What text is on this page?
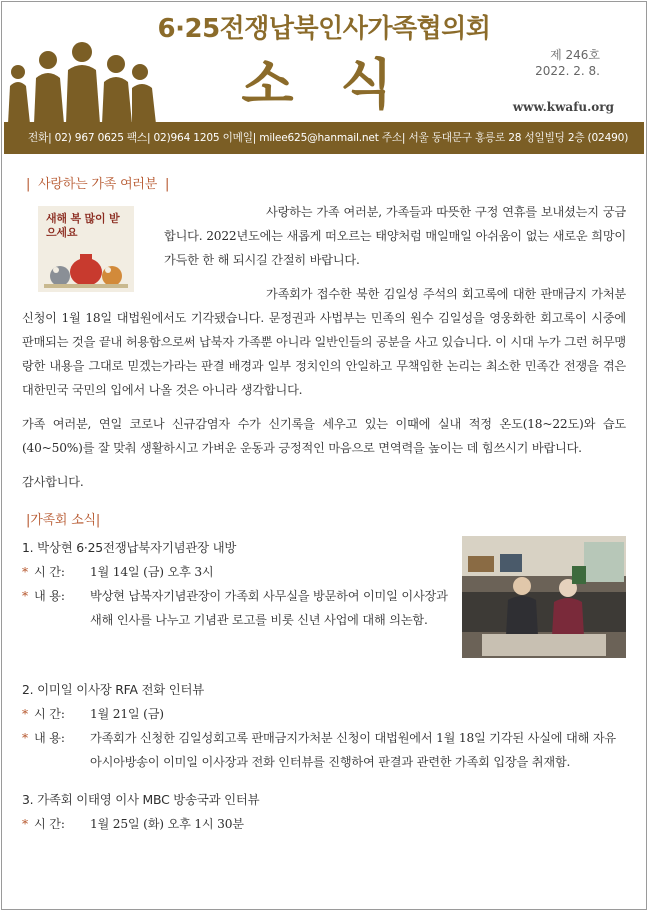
6·25전쟁납북인사가족협의회
소 식	제 246호
2022. 2. 8.
www.kwafu.org
전화| 02) 967 0625 팩스| 02)964 1205 이메일| milee625@hanmail.net 주소| 서울 동대문구 홍릉로 28 성일빌딩 2층 (02490)
| 사랑하는 가족 여러분 |
새해 복 많이 받으세요

사랑하는 가족 여러분, 가족들과 따뜻한 구정 연휴를 보내셨는지 궁금합니다. 2022년도에는 새롭게 떠오르는 태양처럼 매일매일 아쉬움이 없는 새로운 희망이 가득한 한 해 되시길 간절히 바랍니다.

가족회가 접수한 북한 김일성 주석의 회고록에 대한 판매금지 가처분 신청이 1월 18일 대법원에서도 기각됐습니다. 문정권과 사법부는 민족의 원수 김일성을 영웅화한 회고록이 시중에 판매되는 것을 끝내 허용함으로써 납북자 가족뿐 아니라 일반인들의 공분을 사고 있습니다. 이 시대 누가 그런 허무맹랑한 내용을 그대로 믿겠는가라는 판결 배경과 일부 정치인의 안일하고 무책임한 논리는 최소한 민족간 전쟁을 겪은 대한민국 국민의 입에서 나올 것은 아니라 생각합니다.

가족 여러분, 연일 코로나 신규감염자 수가 신기록을 세우고 있는 이때에 실내 적정 온도(18~22도)와 습도 (40~50%)를 잘 맞춰 생활하시고 가벼운 운동과 긍정적인 마음으로 면역력을 높이는 데 힘쓰시기 바랍니다.

감사합니다.

|가족회 소식|
1. 박상현 6·25전쟁납북자기념관장 내방
* 시 간:	1월 14일 (금) 오후 3시
* 내 용:	박상현 납북자기념관장이 가족회 사무실을 방문하여 이미일 이사장과 새해 인사를 나누고 기념관 로고를 비롯 신년 사업에 대해 의논함.
2. 이미일 이사장 RFA 전화 인터뷰
* 시 간:	1월 21일 (금)
* 내 용:	가족회가 신청한 김일성회고록 판매금지가처분 신청이 대법원에서 1월 18일 기각된 사실에 대해 자유아시아방송이 이미일 이사장과 전화 인터뷰를 진행하여 판결과 관련한 가족회 입장을 취재함.
3. 가족회 이태영 이사 MBC 방송국과 인터뷰
* 시 간:	1월 25일 (화) 오후 1시 30분
